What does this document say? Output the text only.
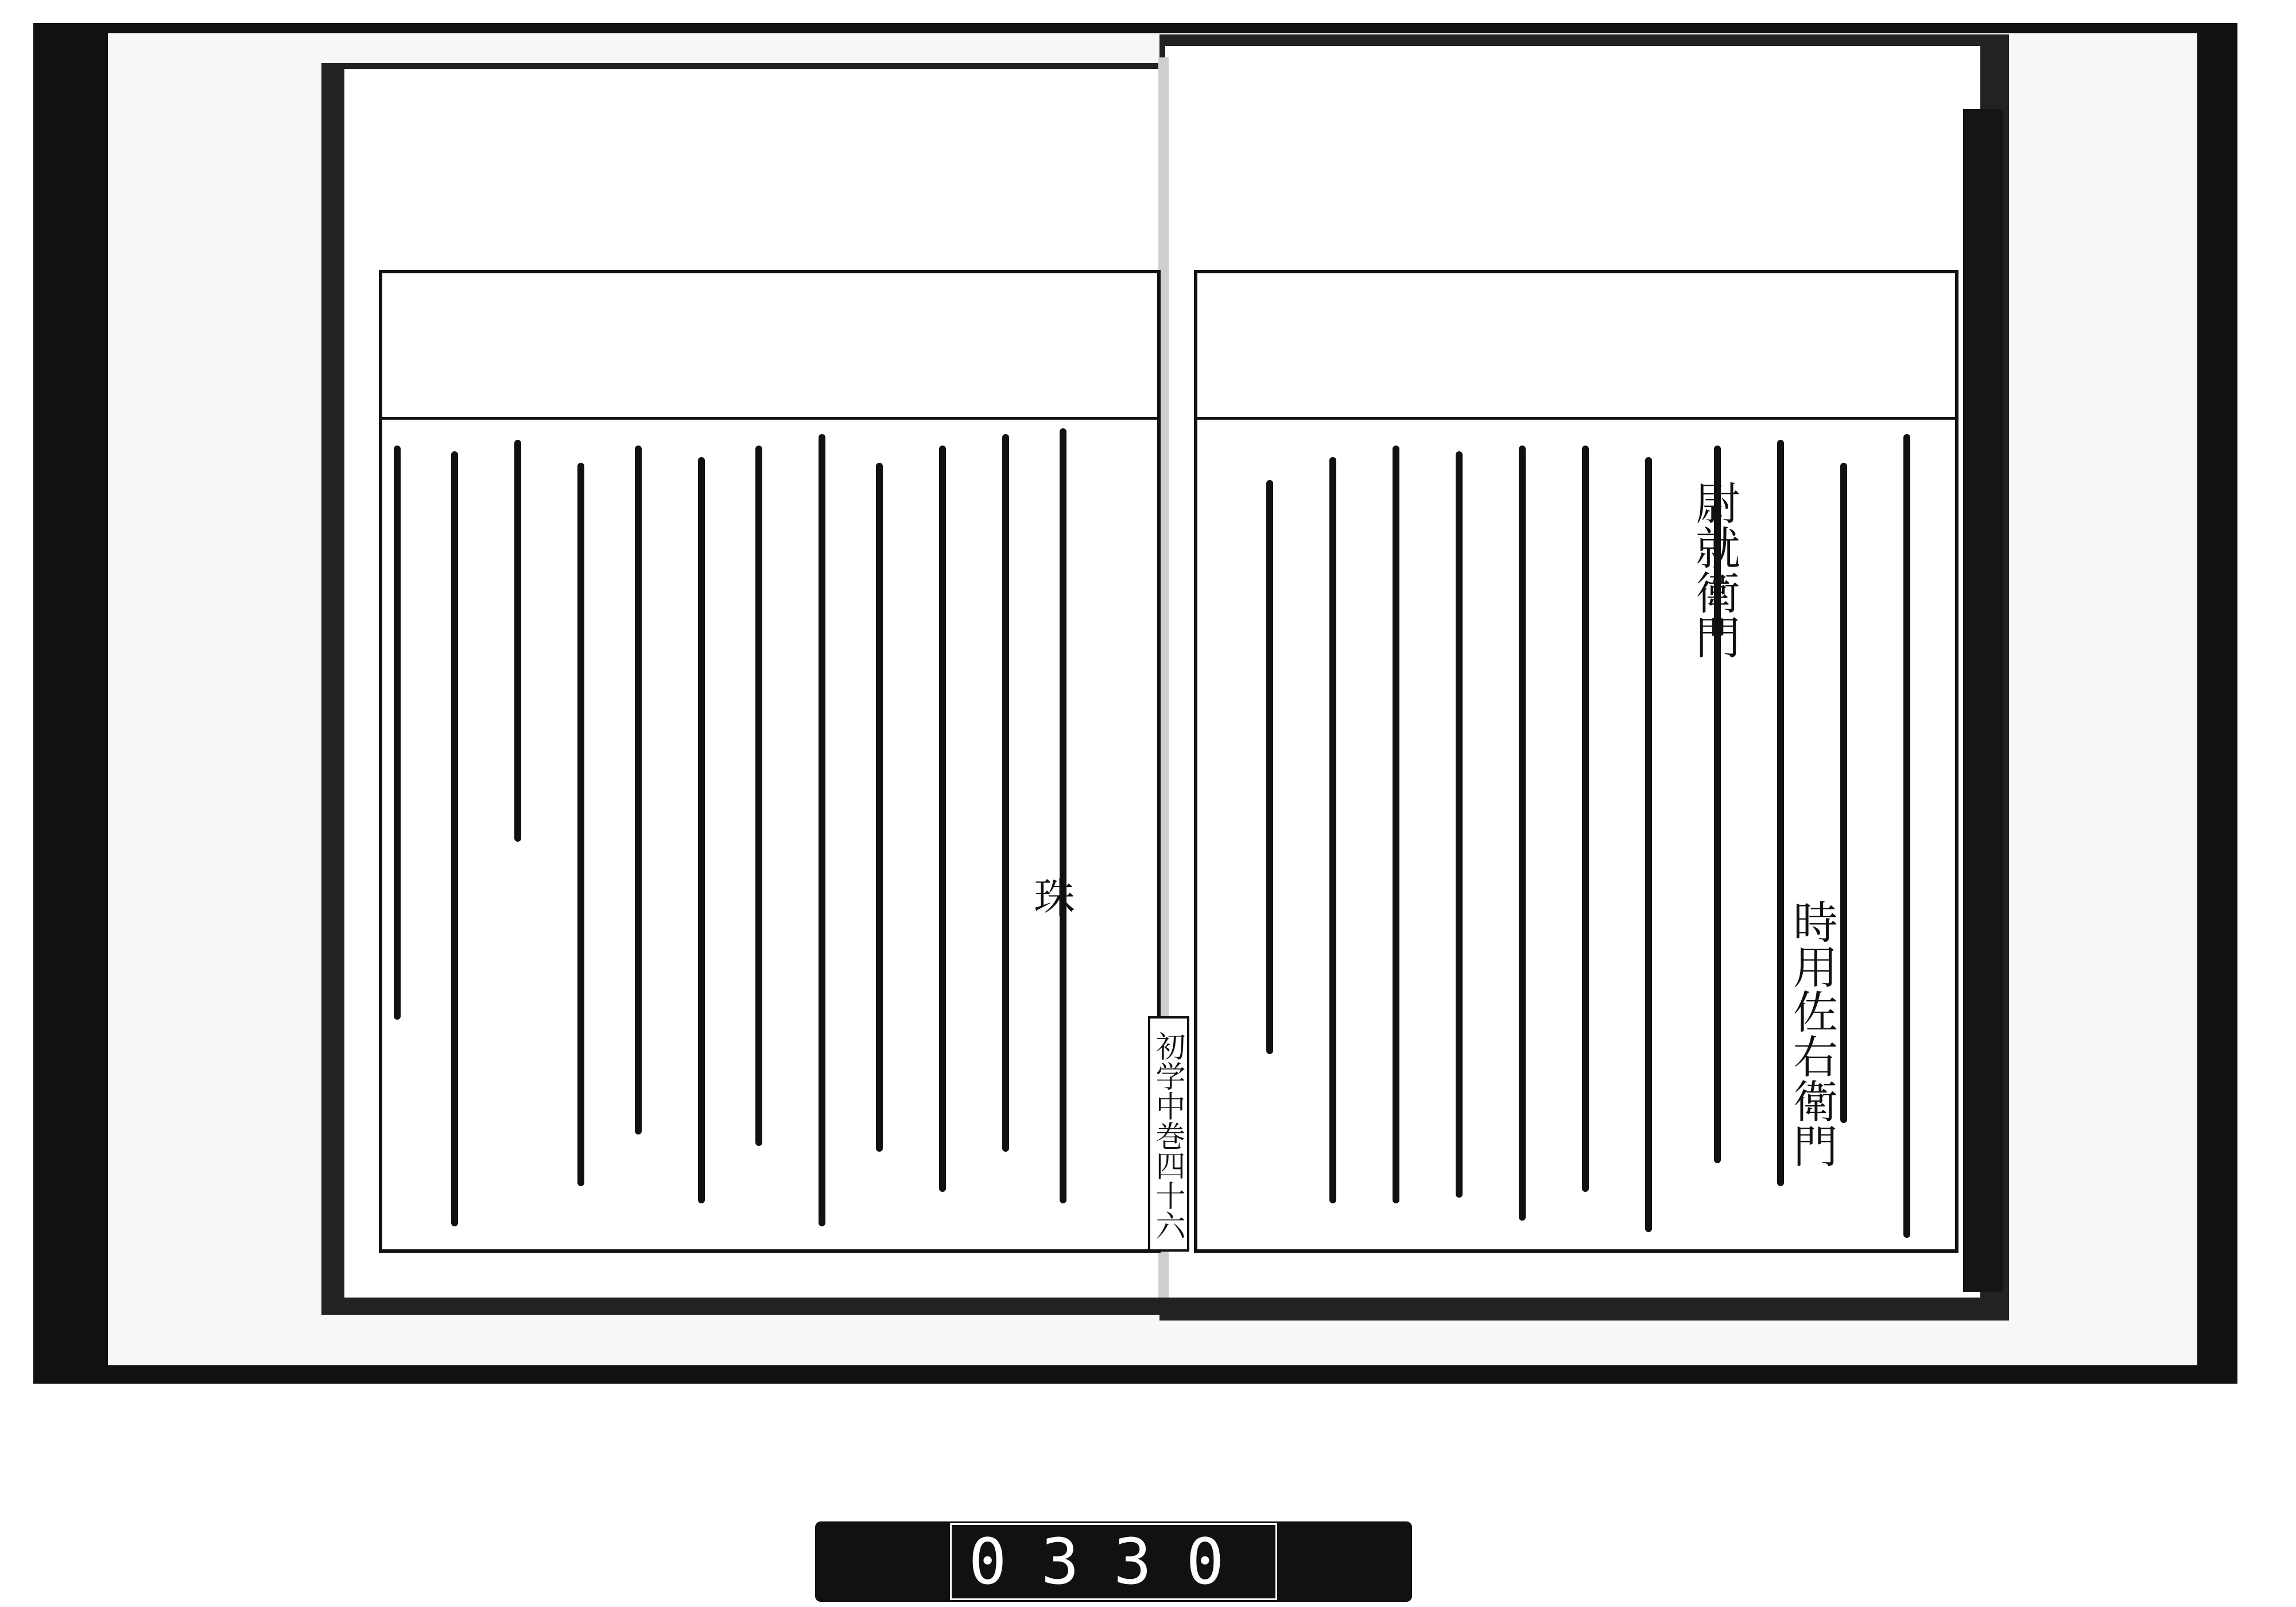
珠
時用佐右衛門
尉就衛門
初学中巻四十六
0330
